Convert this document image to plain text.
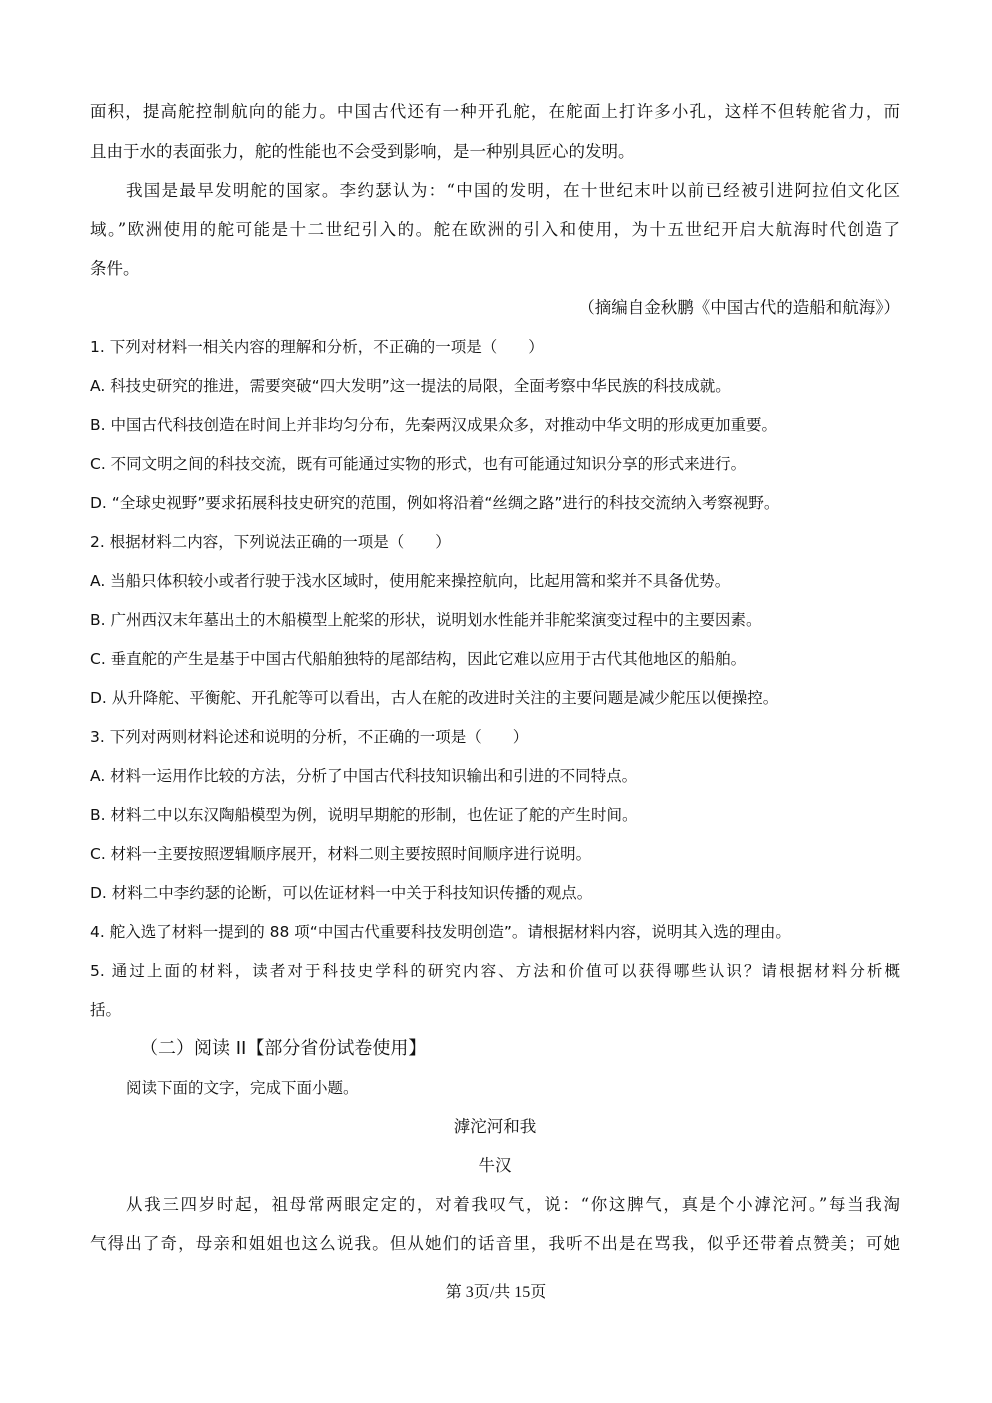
面积，提高舵控制航向的能力。中国古代还有一种开孔舵，在舵面上打许多小孔，这样不但转舵省力，而
且由于水的表面张力，舵的性能也不会受到影响，是一种别具匠心的发明。
我国是最早发明舵的国家。李约瑟认为：“中国的发明，在十世纪末叶以前已经被引进阿拉伯文化区
域。”欧洲使用的舵可能是十二世纪引入的。舵在欧洲的引入和使用，为十五世纪开启大航海时代创造了
条件。
（摘编自金秋鹏《中国古代的造船和航海》）
1. 下列对材料一相关内容的理解和分析，不正确的一项是（　　）
A. 科技史研究的推进，需要突破“四大发明”这一提法的局限，全面考察中华民族的科技成就。
B. 中国古代科技创造在时间上并非均匀分布，先秦两汉成果众多，对推动中华文明的形成更加重要。
C. 不同文明之间的科技交流，既有可能通过实物的形式，也有可能通过知识分享的形式来进行。
D. “全球史视野”要求拓展科技史研究的范围，例如将沿着“丝绸之路”进行的科技交流纳入考察视野。
2. 根据材料二内容，下列说法正确的一项是（　　）
A. 当船只体积较小或者行驶于浅水区域时，使用舵来操控航向，比起用篙和桨并不具备优势。
B. 广州西汉末年墓出土的木船模型上舵桨的形状，说明划水性能并非舵桨演变过程中的主要因素。
C. 垂直舵的产生是基于中国古代船舶独特的尾部结构，因此它难以应用于古代其他地区的船舶。
D. 从升降舵、平衡舵、开孔舵等可以看出，古人在舵的改进时关注的主要问题是减少舵压以便操控。
3. 下列对两则材料论述和说明的分析，不正确的一项是（　　）
A. 材料一运用作比较的方法，分析了中国古代科技知识输出和引进的不同特点。
B. 材料二中以东汉陶船模型为例，说明早期舵的形制，也佐证了舵的产生时间。
C. 材料一主要按照逻辑顺序展开，材料二则主要按照时间顺序进行说明。
D. 材料二中李约瑟的论断，可以佐证材料一中关于科技知识传播的观点。
4. 舵入选了材料一提到的 88 项“中国古代重要科技发明创造”。请根据材料内容，说明其入选的理由。
5. 通过上面的材料，读者对于科技史学科的研究内容、方法和价值可以获得哪些认识？请根据材料分析概
括。
（二）阅读 II【部分省份试卷使用】
阅读下面的文字，完成下面小题。
滹沱河和我
牛汉
从我三四岁时起，祖母常两眼定定的，对着我叹气，说：“你这脾气，真是个小滹沱河。”每当我淘
气得出了奇，母亲和姐姐也这么说我。但从她们的话音里，我听不出是在骂我，似乎还带着点赞美；可她
第 3页/共 15页
